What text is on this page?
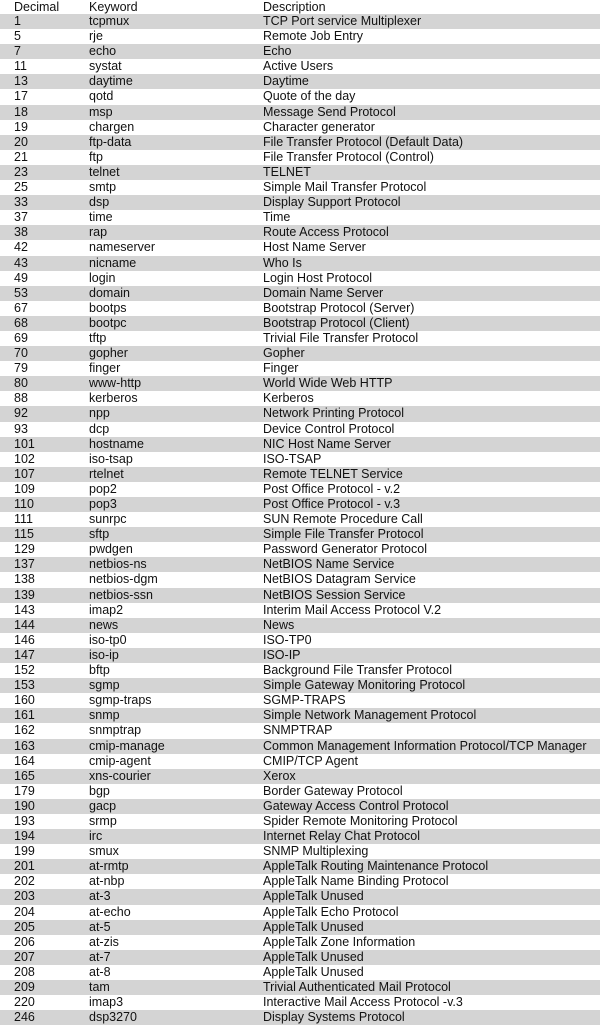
Decimal	Keyword	Description
1	tcpmux	TCP Port service Multiplexer
5	rje	Remote Job Entry
7	echo	Echo
11	systat	Active Users
13	daytime	Daytime
17	qotd	Quote of the day
18	msp	Message Send Protocol
19	chargen	Character generator
20	ftp-data	File Transfer Protocol (Default Data)
21	ftp	File Transfer Protocol (Control)
23	telnet	TELNET
25	smtp	Simple Mail Transfer Protocol
33	dsp	Display Support Protocol
37	time	Time
38	rap	Route Access Protocol
42	nameserver	Host Name Server
43	nicname	Who Is
49	login	Login Host Protocol
53	domain	Domain Name Server
67	bootps	Bootstrap Protocol (Server)
68	bootpc	Bootstrap Protocol (Client)
69	tftp	Trivial File Transfer Protocol
70	gopher	Gopher
79	finger	Finger
80	www-http	World Wide Web HTTP
88	kerberos	Kerberos
92	npp	Network Printing Protocol
93	dcp	Device Control Protocol
101	hostname	NIC Host Name Server
102	iso-tsap	ISO-TSAP
107	rtelnet	Remote TELNET Service
109	pop2	Post Office Protocol - v.2
110	pop3	Post Office Protocol - v.3
111	sunrpc	SUN Remote Procedure Call
115	sftp	Simple File Transfer Protocol
129	pwdgen	Password Generator Protocol
137	netbios-ns	NetBIOS Name Service
138	netbios-dgm	NetBIOS Datagram Service
139	netbios-ssn	NetBIOS Session Service
143	imap2	Interim Mail Access Protocol V.2
144	news	News
146	iso-tp0	ISO-TP0
147	iso-ip	ISO-IP
152	bftp	Background File Transfer Protocol
153	sgmp	Simple Gateway Monitoring Protocol
160	sgmp-traps	SGMP-TRAPS
161	snmp	Simple Network Management Protocol
162	snmptrap	SNMPTRAP
163	cmip-manage	Common Management Information Protocol/TCP Manager
164	cmip-agent	CMIP/TCP Agent
165	xns-courier	Xerox
179	bgp	Border Gateway Protocol
190	gacp	Gateway Access Control Protocol
193	srmp	Spider Remote Monitoring Protocol
194	irc	Internet Relay Chat Protocol
199	smux	SNMP Multiplexing
201	at-rmtp	AppleTalk Routing Maintenance Protocol
202	at-nbp	AppleTalk Name Binding Protocol
203	at-3	AppleTalk Unused
204	at-echo	AppleTalk Echo Protocol
205	at-5	AppleTalk Unused
206	at-zis	AppleTalk Zone Information
207	at-7	AppleTalk Unused
208	at-8	AppleTalk Unused
209	tam	Trivial Authenticated Mail Protocol
220	imap3	Interactive Mail Access Protocol -v.3
246	dsp3270	Display Systems Protocol
